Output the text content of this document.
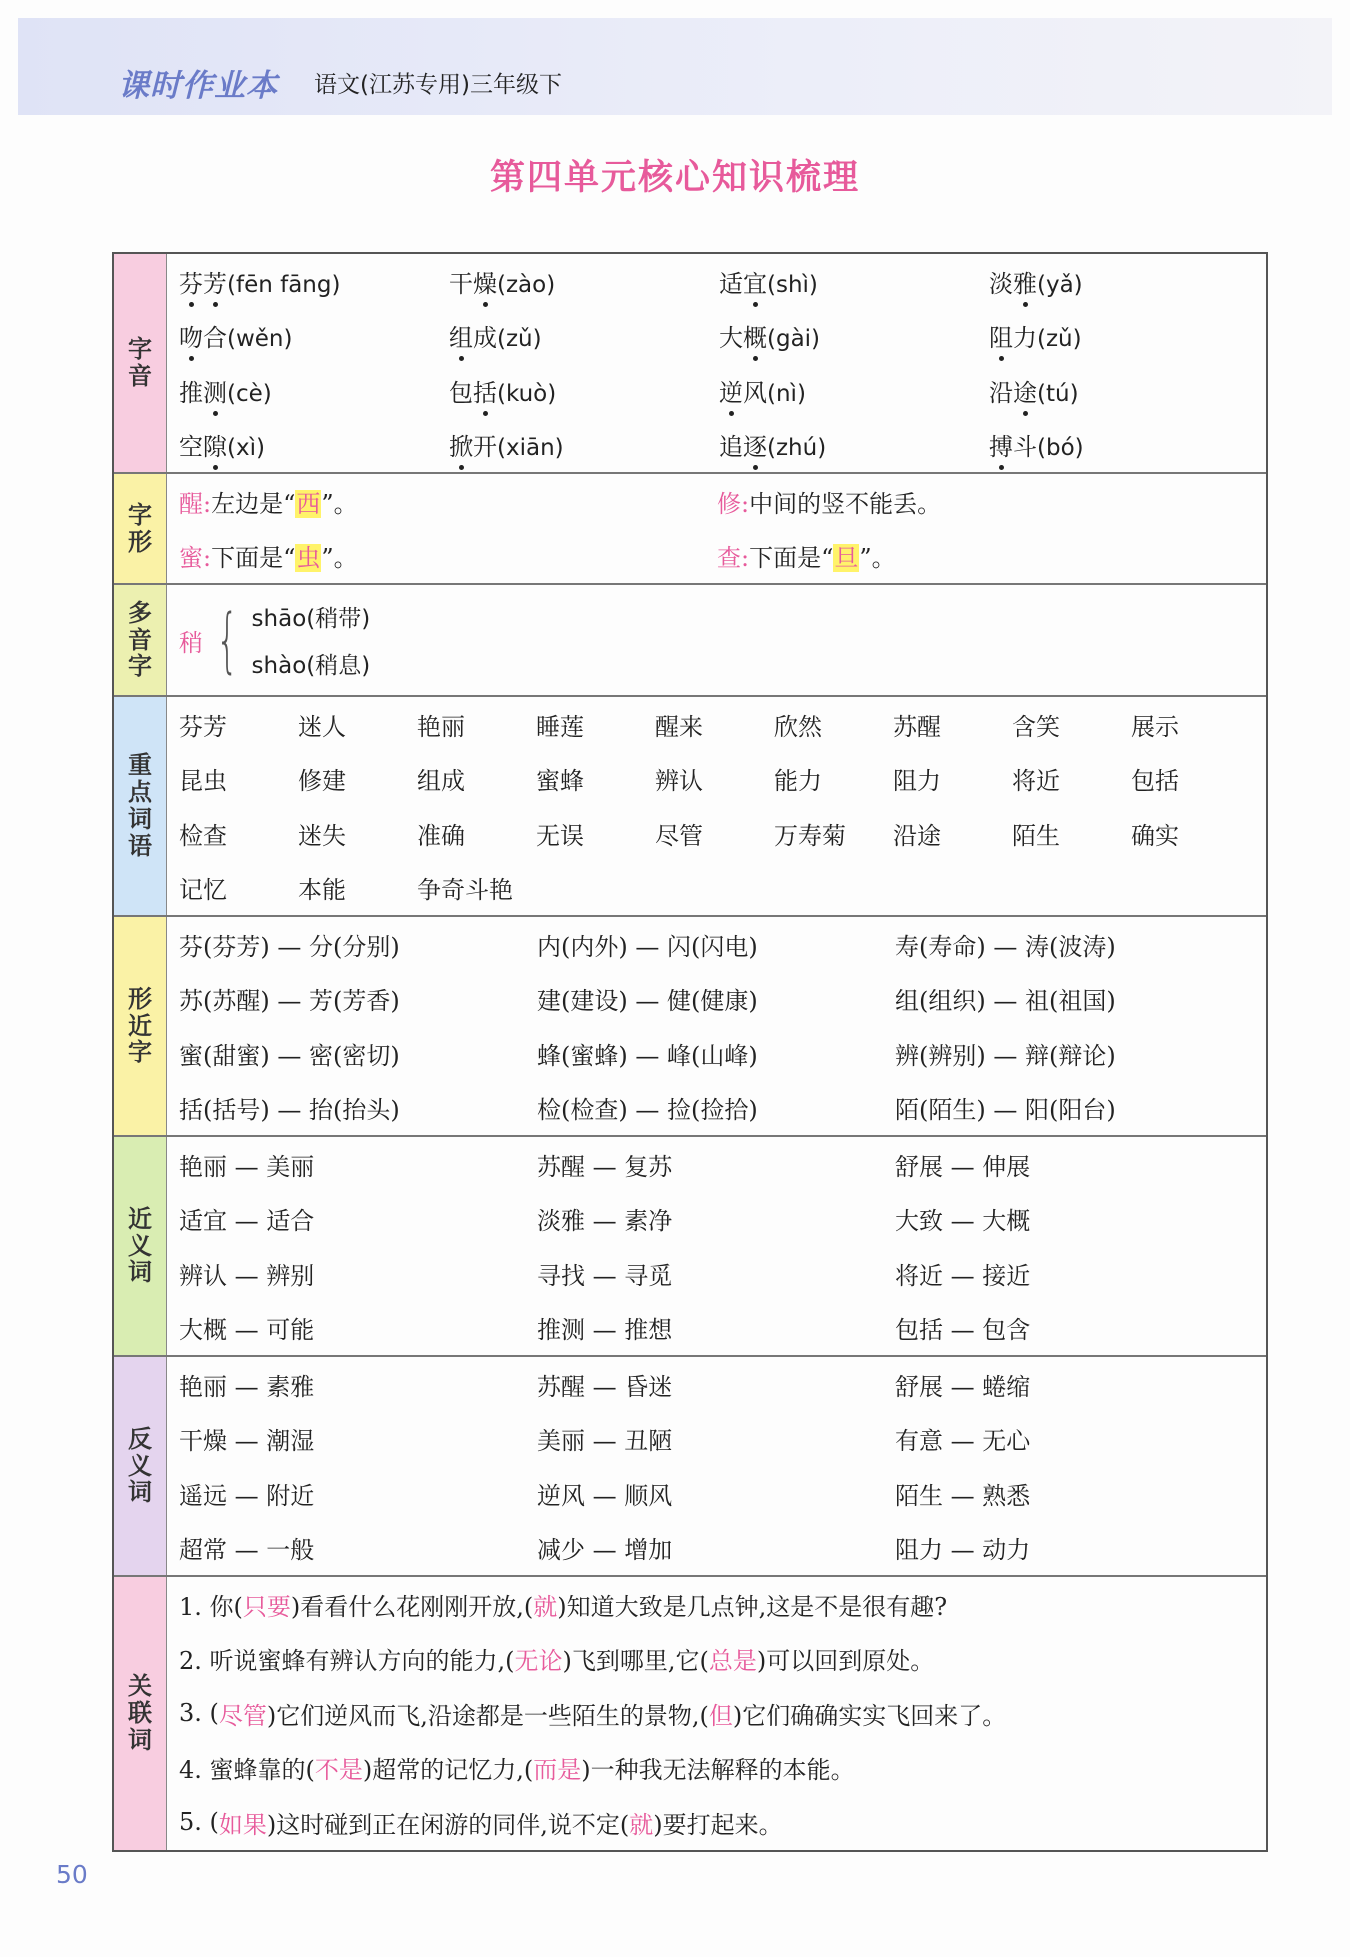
课时作业本 语文(江苏专用)三年级下
第四单元核心知识梳理
字
音
芬芳(fēn fāng)	干燥(zào)	适宜(shì)	淡雅(yǎ)
吻合(wěn)	组成(zǔ)	大概(gài)	阻力(zǔ)
推测(cè)	包括(kuò)	逆风(nì)	沿途(tú)
空隙(xì)	掀开(xiān)	追逐(zhú)	搏斗(bó)
字
形
醒:左边是“西”。	修:中间的竖不能丢。
蜜:下面是“虫”。	查:下面是“旦”。
多
音
字
稍 { shāo(稍带)
shào(稍息)
重
点
词
语
芬芳	迷人	艳丽	睡莲	醒来	欣然	苏醒	含笑	展示
昆虫	修建	组成	蜜蜂	辨认	能力	阻力	将近	包括
检查	迷失	准确	无误	尽管	万寿菊	沿途	陌生	确实
记忆	本能	争奇斗艳
形
近
字
芬(芬芳) — 分(分别)	内(内外) — 闪(闪电)	寿(寿命) — 涛(波涛)
苏(苏醒) — 芳(芳香)	建(建设) — 健(健康)	组(组织) — 祖(祖国)
蜜(甜蜜) — 密(密切)	蜂(蜜蜂) — 峰(山峰)	辨(辨别) — 辩(辩论)
括(括号) — 抬(抬头)	检(检查) — 捡(捡拾)	陌(陌生) — 阳(阳台)
近
义
词
艳丽 — 美丽	苏醒 — 复苏	舒展 — 伸展
适宜 — 适合	淡雅 — 素净	大致 — 大概
辨认 — 辨别	寻找 — 寻觅	将近 — 接近
大概 — 可能	推测 — 推想	包括 — 包含
反
义
词
艳丽 — 素雅	苏醒 — 昏迷	舒展 — 蜷缩
干燥 — 潮湿	美丽 — 丑陋	有意 — 无心
遥远 — 附近	逆风 — 顺风	陌生 — 熟悉
超常 — 一般	减少 — 增加	阻力 — 动力
关
联
词
1. 你( 只要 )看看什么花刚刚开放,( 就 )知道大致是几点钟,这是不是很有趣?
2. 听说蜜蜂有辨认方向的能力,( 无论 )飞到哪里,它( 总是 )可以回到原处。
3. ( 尽管 )它们逆风而飞,沿途都是一些陌生的景物,( 但 )它们确确实实飞回来了。
4. 蜜蜂靠的( 不是 )超常的记忆力,( 而是 )一种我无法解释的本能。
5. ( 如果 )这时碰到正在闲游的同伴,说不定( 就 )要打起来。
50
